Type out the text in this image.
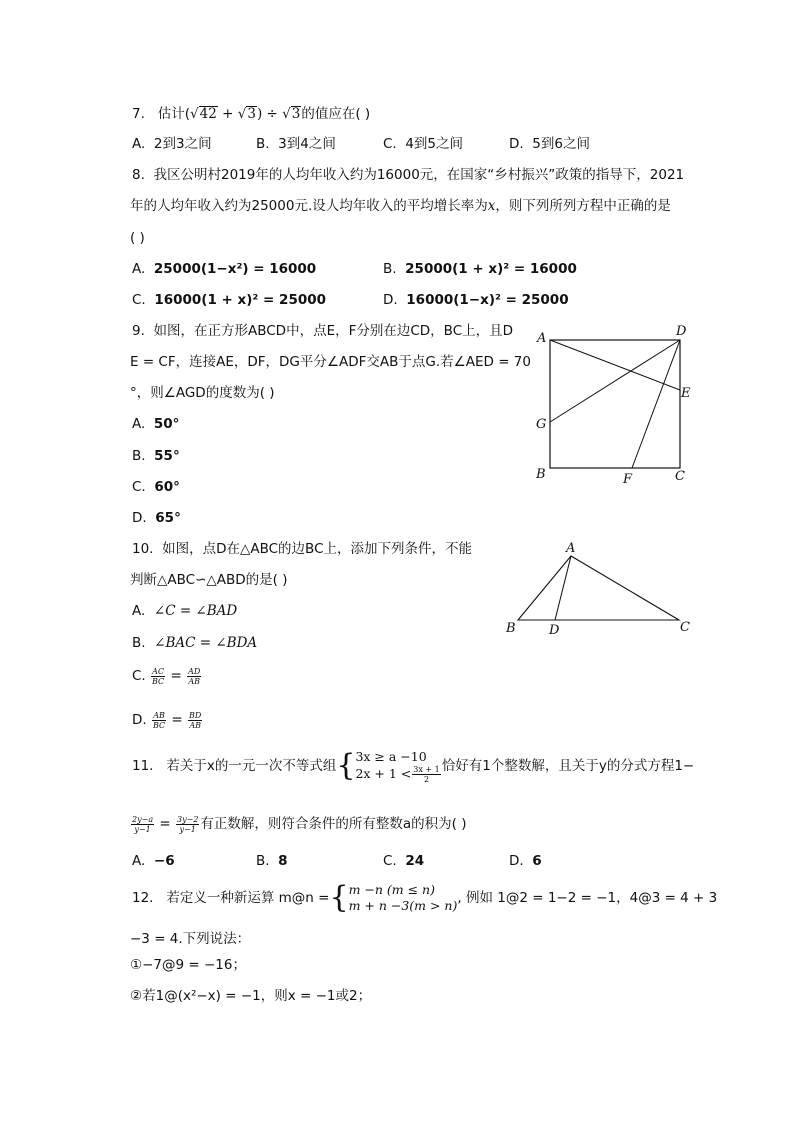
7. 估计(√42 + √3) ÷ √3的值应在( )
A. 2到3之间	B. 3到4之间	C. 4到5之间	D. 5到6之间
8. 我区公明村2019年的人均年收入约为16000元，在国家“乡村振兴”政策的指导下，2021
年的人均年收入约为25000元.设人均年收入的平均增长率为x，则下列所列方程中正确的是
( )
A. 25000(1−x²) = 16000	B. 25000(1 + x)² = 16000
C. 16000(1 + x)² = 25000	D. 16000(1−x)² = 25000
9. 如图，在正方形ABCD中，点E，F分别在边CD，BC上，且D
E = CF，连接AE，DF，DG平分∠ADF交AB于点G.若∠AED = 70
°，则∠AGD的度数为( )
A. 50°
B. 55°
C. 60°
D. 65°
A	D
E
G
B	F	C
10. 如图，点D在△ABC的边BC上，添加下列条件，不能
判断△ABC∽△ABD的是( )
A. ∠C = ∠BAD
B. ∠BAC = ∠BDA
C. $\frac{AC}{BC} = \frac{AD}{AB}$
D. $\frac{AB}{BC} = \frac{BD}{AB}$
A
B	D	C
11. 若关于x的一元一次不等式组{ 3x ≥ a −10
$2x + 1 < \frac{3x + 1}{2}$ 恰好有1个整数解，且关于y的分式方程1−
$\frac{2y-a}{y-1} = \frac{3y-2}{y-1}$ 有正数解，则符合条件的所有整数a的积为( )
A. −6	B. 8	C. 24	D. 6
12. 若定义一种新运算 m@n ={ m −n (m ≤ n)
m + n −3(m > n) , 例如 1@2 = 1−2 = −1，4@3 = 4 + 3
−3 = 4.下列说法：
①−7@9 = −16；
②若1@(x²−x) = −1，则x = −1或2；
